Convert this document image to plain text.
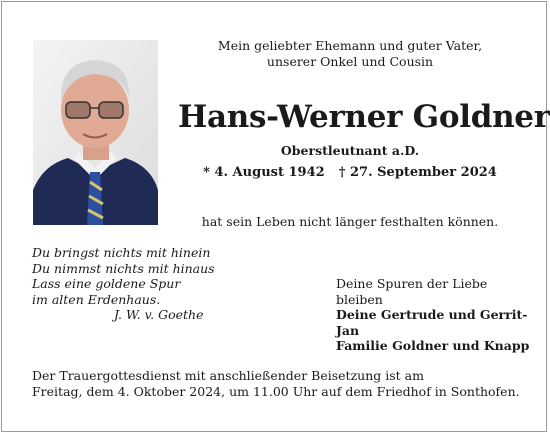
Mein geliebter Ehemann und guter Vater,
unserer Onkel und Cousin
Hans-Werner Goldner
Oberstleutnant a.D.
* 4. August 1942 † 27. September 2024
hat sein Leben nicht länger festhalten können.
Du bringst nichts mit hinein
Du nimmst nichts mit hinaus
Lass eine goldene Spur
im alten Erdenhaus.
J. W. v. Goethe
Deine Spuren der Liebe bleiben
Deine Gertrude und Gerrit-Jan
Familie Goldner und Knapp
Der Trauergottesdienst mit anschließender Beisetzung ist am
Freitag, dem 4. Oktober 2024, um 11.00 Uhr auf dem Friedhof in Sonthofen.
